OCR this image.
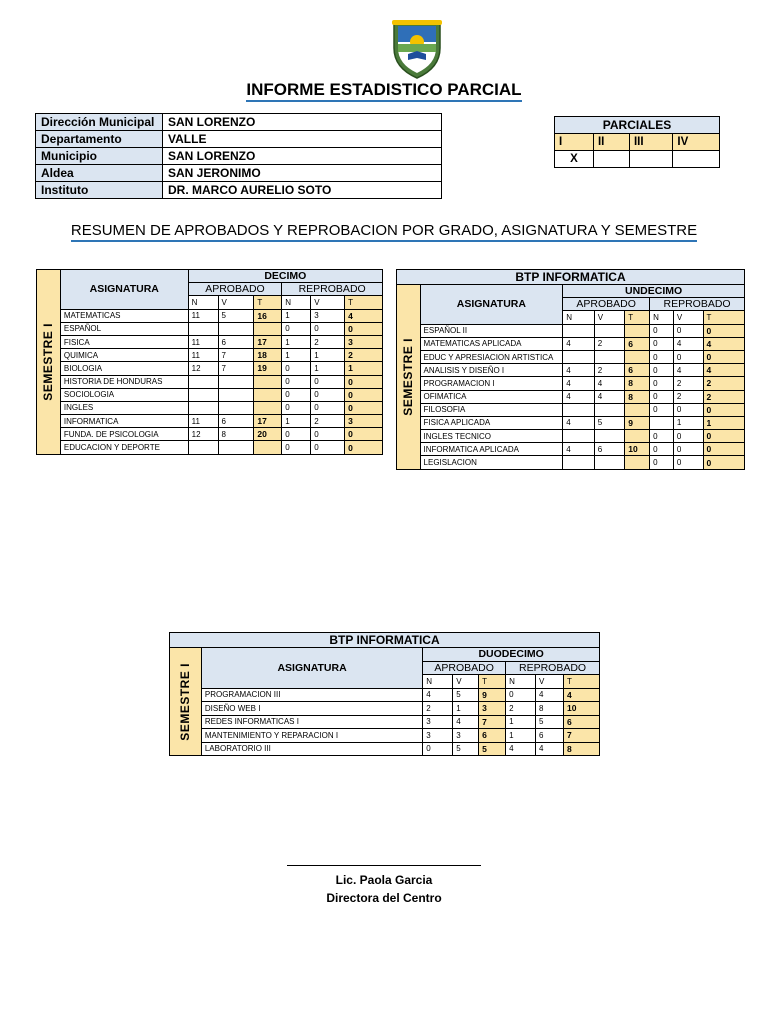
INFORME ESTADISTICO PARCIAL
Dirección Municipal	SAN LORENZO
Departamento	VALLE
Municipio	SAN LORENZO
Aldea	SAN JERONIMO
Instituto	DR. MARCO AURELIO SOTO
PARCIALES			
I	II	III	IV
X			
RESUMEN DE APROBADOS Y REPROBACION POR GRADO, ASIGNATURA Y SEMESTRE
SEMESTRE I	ASIGNATURA	DECIMO					
		APROBADO			REPROBADO		
		N	V	T	N	V	T
	MATEMATICAS	11	5	16	1	3	4
	ESPAÑOL				0	0	0
	FISICA	11	6	17	1	2	3
	QUIMICA	11	7	18	1	1	2
	BIOLOGIA	12	7	19	0	1	1
	HISTORIA DE HONDURAS				0	0	0
	SOCIOLOGIA				0	0	0
	INGLES				0	0	0
	INFORMATICA	11	6	17	1	2	3
	FUNDA. DE PSICOLOGIA	12	8	20	0	0	0
	EDUCACION Y DEPORTE				0	0	0
BTP INFORMATICA							

SEMESTRE I	ASIGNATURA	UNDECIMO					
		APROBADO			REPROBADO		
		N	V	T	N	V	T
	ESPAÑOL II				0	0	0
	MATEMATICAS APLICADA	4	2	6	0	4	4
	EDUC Y APRESIACION ARTISTICA				0	0	0
	ANALISIS Y DISEÑO I	4	2	6	0	4	4
	PROGRAMACION I	4	4	8	0	2	2
	OFIMATICA	4	4	8	0	2	2
	FILOSOFIA				0	0	0
	FISICA APLICADA	4	5	9		1	1
	INGLES TECNICO				0	0	0
	INFORMATICA APLICADA	4	6	10	0	0	0
	LEGISLACION				0	0	0
BTP INFORMATICA							

SEMESTRE I	ASIGNATURA	DUODECIMO					
		APROBADO			REPROBADO		
		N	V	T	N	V	T
	PROGRAMACION III	4	5	9	0	4	4
	DISEÑO WEB I	2	1	3	2	8	10
	REDES INFORMATICAS I	3	4	7	1	5	6
	MANTENIMIENTO Y REPARACION I	3	3	6	1	6	7
	LABORATORIO III	0	5	5	4	4	8
Lic. Paola Garcia
Directora del Centro
